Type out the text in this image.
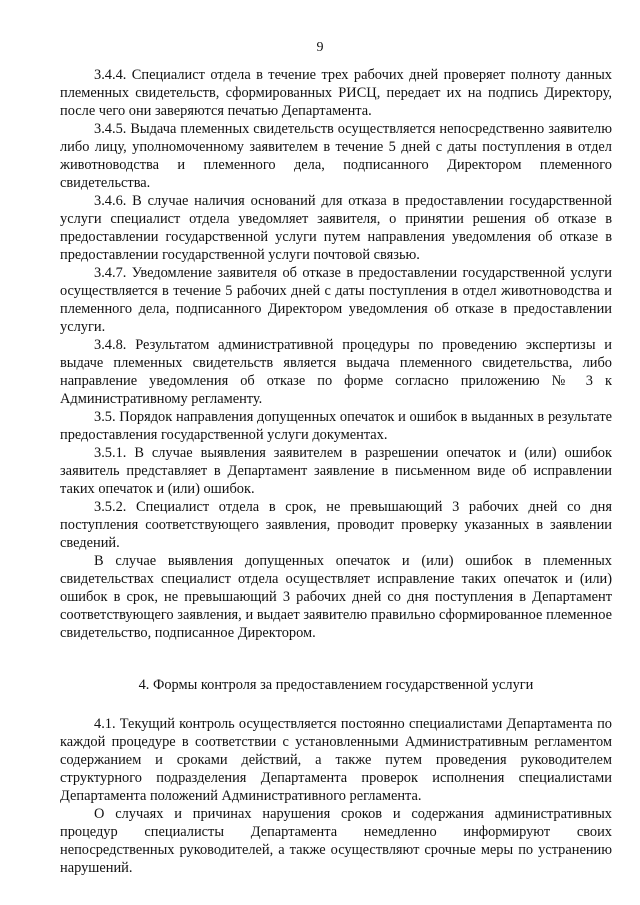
9

3.4.4. Специалист отдела в течение трех рабочих дней проверяет полноту данных племенных свидетельств, сформированных РИСЦ, передает их на подпись Директору, после чего они заверяются печатью Департамента.

3.4.5. Выдача племенных свидетельств осуществляется непосредственно заявителю либо лицу, уполномоченному заявителем в течение 5 дней с даты поступления в отдел животноводства и племенного дела, подписанного Директором племенного свидетельства.

3.4.6. В случае наличия оснований для отказа в предоставлении государственной услуги специалист отдела уведомляет заявителя, о принятии решения об отказе в предоставлении государственной услуги путем направления уведомления об отказе в предоставлении государственной услуги почтовой связью.

3.4.7. Уведомление заявителя об отказе в предоставлении государственной услуги осуществляется в течение 5 рабочих дней с даты поступления в отдел животноводства и племенного дела, подписанного Директором уведомления об отказе в предоставлении услуги.

3.4.8. Результатом административной процедуры по проведению экспертизы и выдаче племенных свидетельств является выдача племенного свидетельства, либо направление уведомления об отказе по форме согласно приложению № 3 к Административному регламенту.

3.5. Порядок направления допущенных опечаток и ошибок в выданных в результате предоставления государственной услуги документах.

3.5.1. В случае выявления заявителем в разрешении опечаток и (или) ошибок заявитель представляет в Департамент заявление в письменном виде об исправлении таких опечаток и (или) ошибок.

3.5.2. Специалист отдела в срок, не превышающий 3 рабочих дней со дня поступления соответствующего заявления, проводит проверку указанных в заявлении сведений.

В случае выявления допущенных опечаток и (или) ошибок в племенных свидетельствах специалист отдела осуществляет исправление таких опечаток и (или) ошибок в срок, не превышающий 3 рабочих дней со дня поступления в Департамент соответствующего заявления, и выдает заявителю правильно сформированное племенное свидетельство, подписанное Директором.

4. Формы контроля за предоставлением государственной услуги

4.1. Текущий контроль осуществляется постоянно специалистами Департамента по каждой процедуре в соответствии с установленными Административным регламентом содержанием и сроками действий, а также путем проведения руководителем структурного подразделения Департамента проверок исполнения специалистами Департамента положений Административного регламента.

О случаях и причинах нарушения сроков и содержания административных процедур специалисты Департамента немедленно информируют своих непосредственных руководителей, а также осуществляют срочные меры по устранению нарушений.
